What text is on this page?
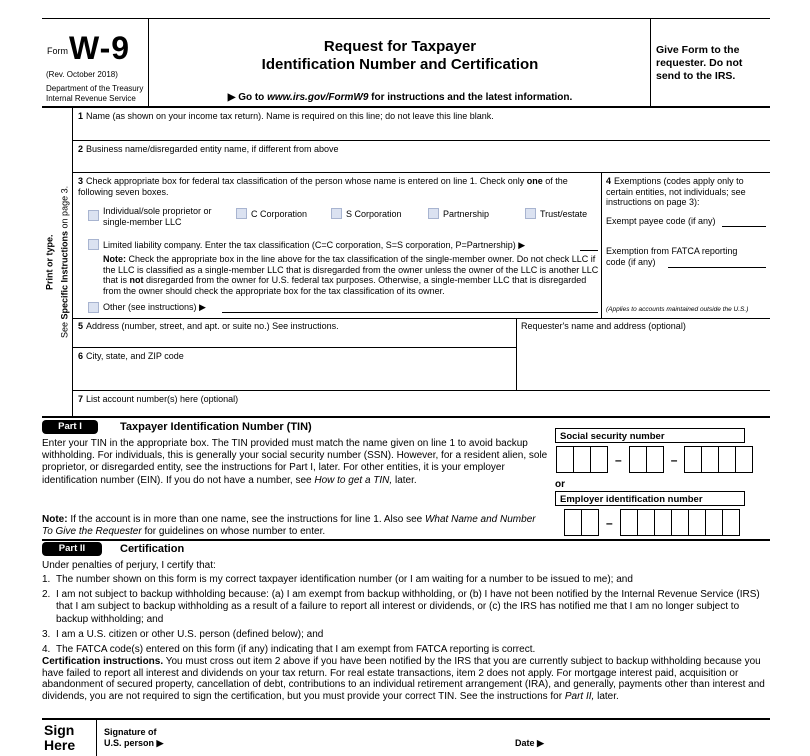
Form W-9
(Rev. October 2018)
Department of the Treasury
Internal Revenue Service
Request for Taxpayer
Identification Number and Certification
▶ Go to www.irs.gov/FormW9 for instructions and the latest information.
Give Form to the requester. Do not send to the IRS.
Print or type.
See Specific Instructions on page 3.
1 Name (as shown on your income tax return). Name is required on this line; do not leave this line blank.
2 Business name/disregarded entity name, if different from above
3 Check appropriate box for federal tax classification of the person whose name is entered on line 1. Check only one of the following seven boxes.
Individual/sole proprietor or single-member LLC
C Corporation	S Corporation	Partnership	Trust/estate
Limited liability company. Enter the tax classification (C=C corporation, S=S corporation, P=Partnership) ▶
Note: Check the appropriate box in the line above for the tax classification of the single-member owner. Do not check LLC if the LLC is classified as a single-member LLC that is disregarded from the owner unless the owner of the LLC is another LLC that is not disregarded from the owner for U.S. federal tax purposes. Otherwise, a single-member LLC that is disregarded from the owner should check the appropriate box for the tax classification of its owner.
Other (see instructions) ▶
4 Exemptions (codes apply only to certain entities, not individuals; see instructions on page 3):
Exempt payee code (if any)
Exemption from FATCA reporting
code (if any)
(Applies to accounts maintained outside the U.S.)
5 Address (number, street, and apt. or suite no.) See instructions.	Requester's name and address (optional)
6 City, state, and ZIP code
7 List account number(s) here (optional)
Part I	Taxpayer Identification Number (TIN)
Enter your TIN in the appropriate box. The TIN provided must match the name given on line 1 to avoid backup withholding. For individuals, this is generally your social security number (SSN). However, for a resident alien, sole proprietor, or disregarded entity, see the instructions for Part I, later. For other entities, it is your employer identification number (EIN). If you do not have a number, see How to get a TIN, later.
Note: If the account is in more than one name, see the instructions for line 1. Also see What Name and Number To Give the Requester for guidelines on whose number to enter.
Social security number
–	–
or
Employer identification number
–
Part II	Certification
Under penalties of perjury, I certify that:
1. The number shown on this form is my correct taxpayer identification number (or I am waiting for a number to be issued to me); and
2. I am not subject to backup withholding because: (a) I am exempt from backup withholding, or (b) I have not been notified by the Internal Revenue Service (IRS) that I am subject to backup withholding as a result of a failure to report all interest or dividends, or (c) the IRS has notified me that I am no longer subject to backup withholding; and
3. I am a U.S. citizen or other U.S. person (defined below); and
4. The FATCA code(s) entered on this form (if any) indicating that I am exempt from FATCA reporting is correct.
Certification instructions. You must cross out item 2 above if you have been notified by the IRS that you are currently subject to backup withholding because you have failed to report all interest and dividends on your tax return. For real estate transactions, item 2 does not apply. For mortgage interest paid, acquisition or abandonment of secured property, cancellation of debt, contributions to an individual retirement arrangement (IRA), and generally, payments other than interest and dividends, you are not required to sign the certification, but you must provide your correct TIN. See the instructions for Part II, later.
Sign
Here
Signature of
U.S. person ▶	Date ▶
